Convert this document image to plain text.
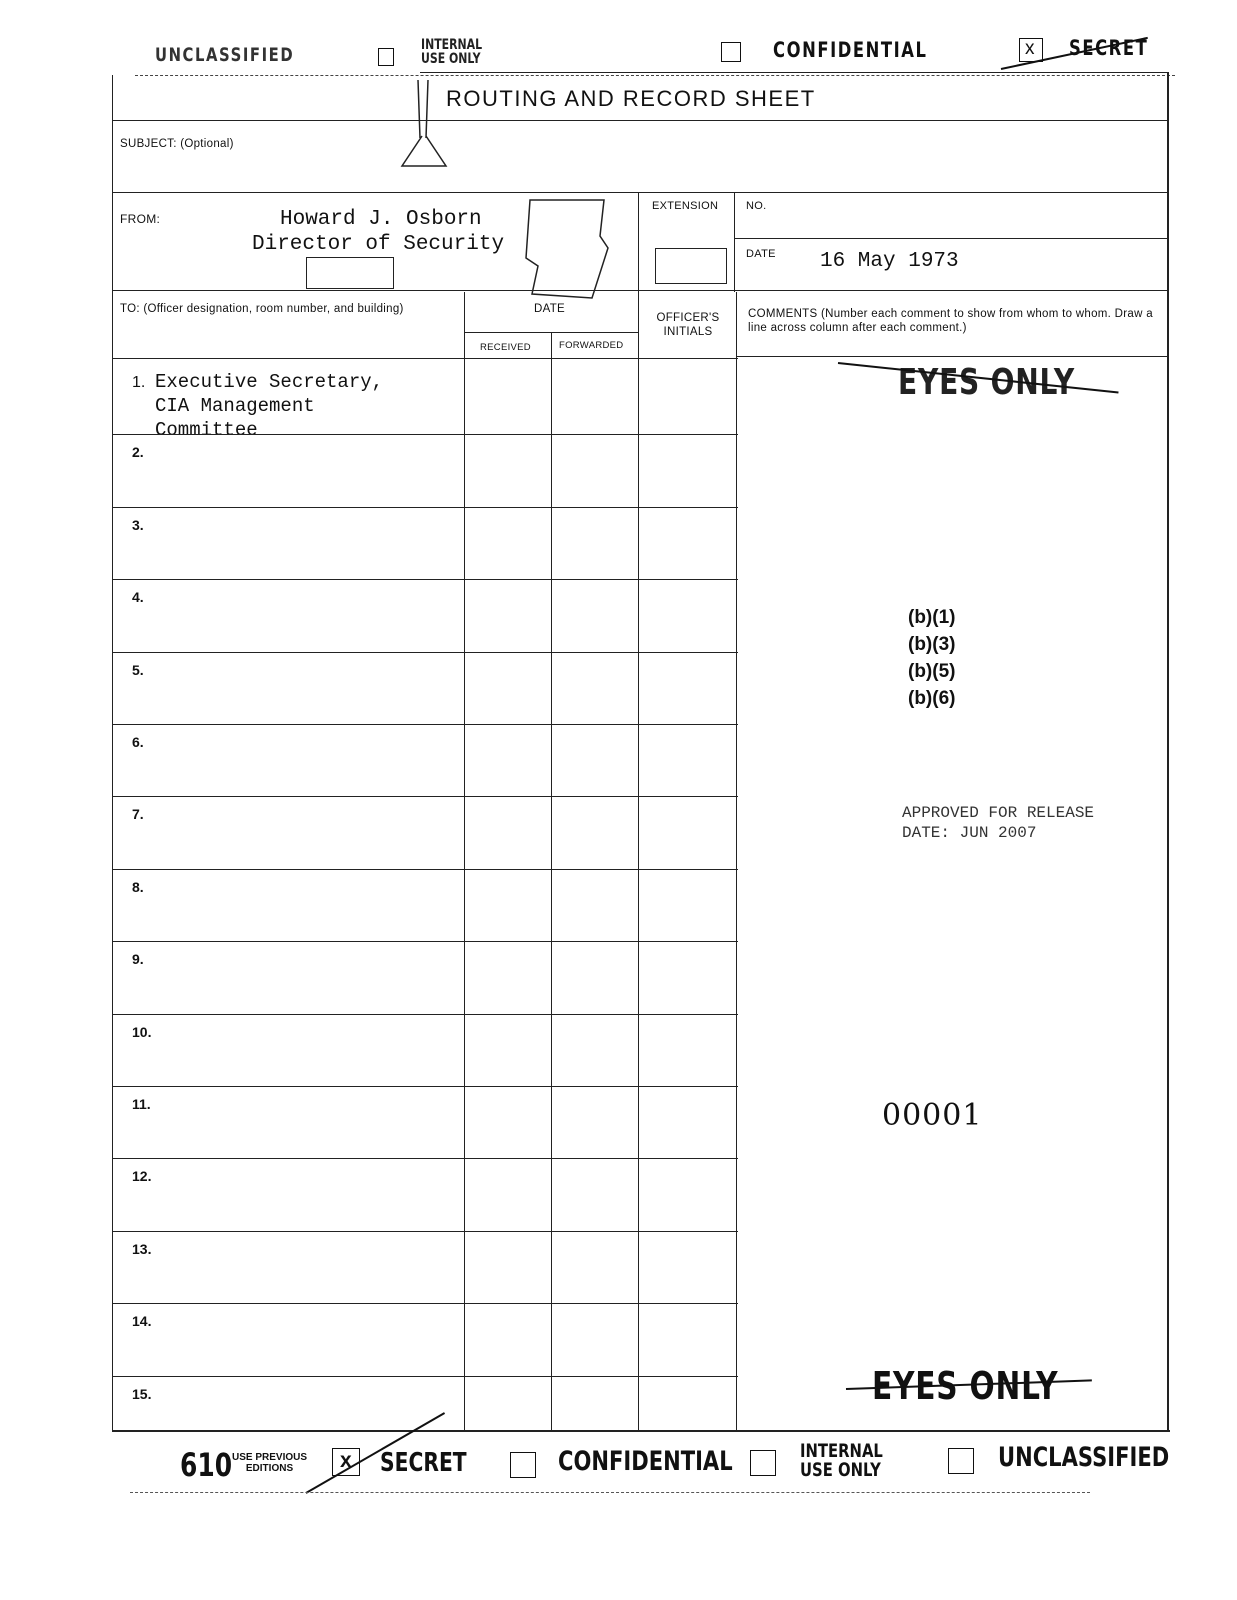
UNCLASSIFIED	INTERNAL
USE ONLY	CONFIDENTIAL	x SECRET
ROUTING AND RECORD SHEET
SUBJECT: (Optional)
FROM:	Howard J. Osborn
Director of Security
EXTENSION	NO.
DATE 16 May 1973
TO: (Officer designation, room number, and building)	DATE
RECEIVED	FORWARDED
OFFICER'S INITIALS
COMMENTS (Number each comment to show from whom to whom. Draw a line across column after each comment.)
1. Executive Secretary,
CIA Management
Committee
2.
3.
4.
5.
6.
7.
8.
9.
10.
11.
12.
13.
14.
15.
EYES ONLY
(b)(1)
(b)(3)
(b)(5)
(b)(6)
APPROVED FOR RELEASE
DATE: JUN 2007
00001
EYES ONLY
610 USE PREVIOUS
EDITIONS	x SECRET	CONFIDENTIAL	INTERNAL
USE ONLY	UNCLASSIFIED
